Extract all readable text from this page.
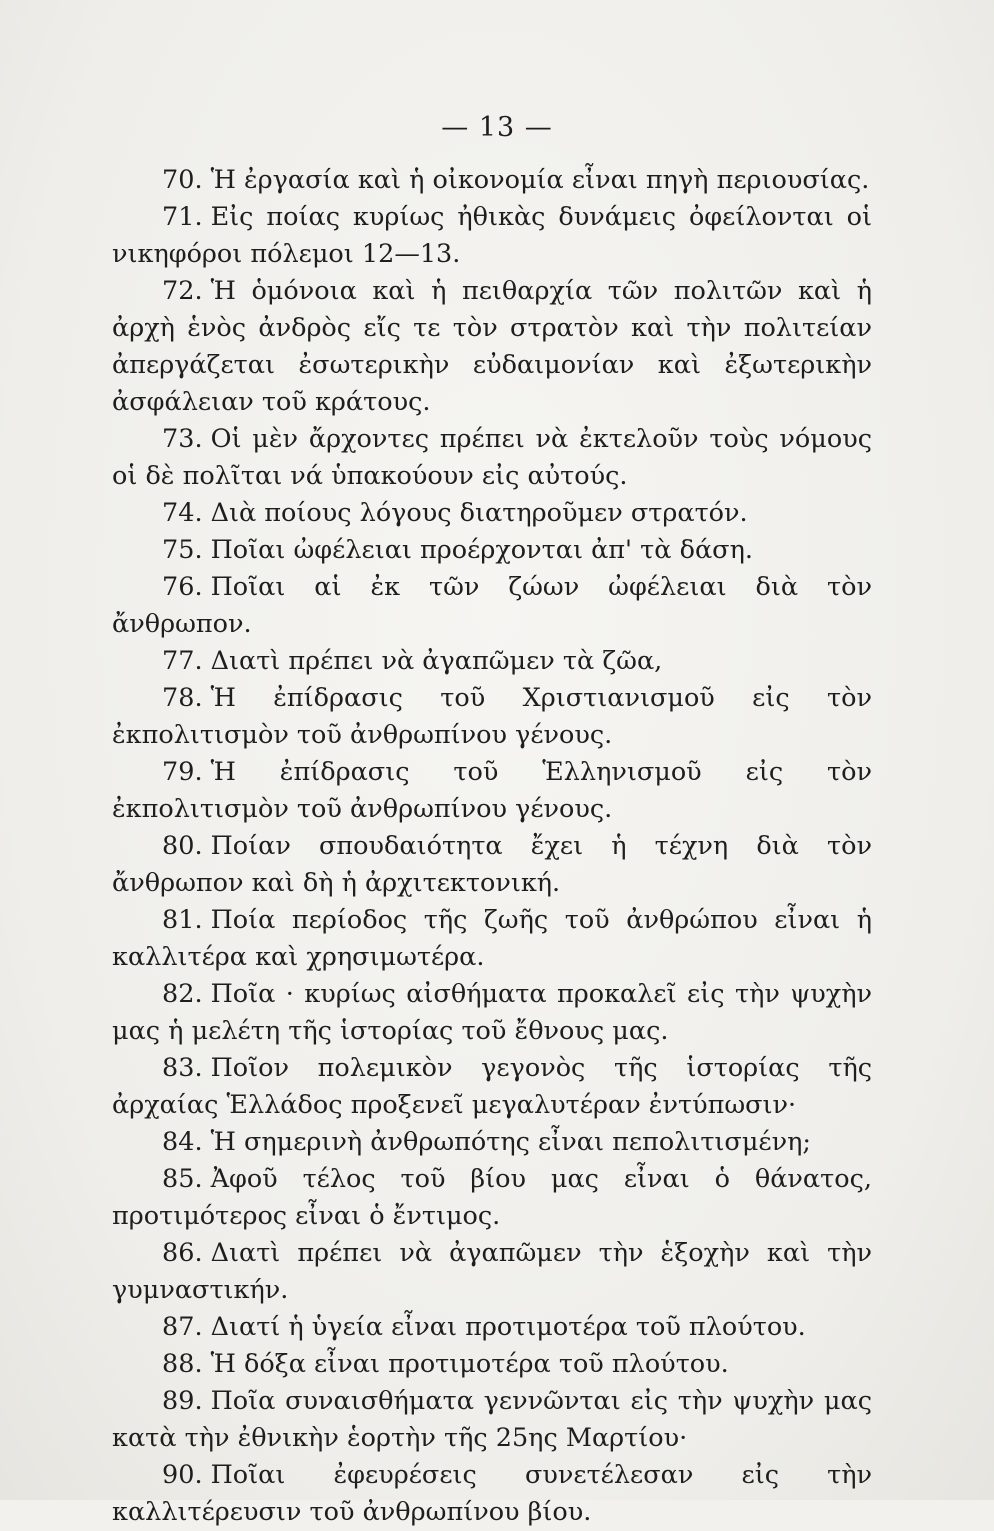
— 13 —

70. Ἡ ἐργασία καὶ ἡ οἰκονομία εἶναι πηγὴ περιουσίας.

71. Εἰς ποίας κυρίως ἠθικὰς δυνάμεις ὀφείλονται οἱ νικηφόροι πόλεμοι 12—13.

72. Ἡ ὁμόνοια καὶ ἡ πειθαρχία τῶν πολιτῶν καὶ ἡ ἀρχὴ ἑνὸς ἀνδρὸς εἴς τε τὸν στρατὸν καὶ τὴν πολιτείαν ἀπεργάζεται ἐσωτερικὴν εὐδαιμονίαν καὶ ἐξωτερικὴν ἀσφάλειαν τοῦ κράτους.

73. Οἱ μὲν ἄρχοντες πρέπει νὰ ἐκτελοῦν τοὺς νόμους οἱ δὲ πολῖται νά ὑπακούουν εἰς αὐτούς.

74. Διὰ ποίους λόγους διατηροῦμεν στρατόν.

75. Ποῖαι ὠφέλειαι προέρχονται ἀπ' τὰ δάση.

76. Ποῖαι αἱ ἐκ τῶν ζώων ὠφέλειαι διὰ τὸν ἄνθρωπον.

77. Διατὶ πρέπει νὰ ἀγαπῶμεν τὰ ζῶα,

78. Ἡ ἐπίδρασις τοῦ Χριστιανισμοῦ εἰς τὸν ἐκπολιτισμὸν τοῦ ἀνθρωπίνου γένους.

79. Ἡ ἐπίδρασις τοῦ Ἑλληνισμοῦ εἰς τὸν ἐκπολιτισμὸν τοῦ ἀνθρωπίνου γένους.

80. Ποίαν σπουδαιότητα ἔχει ἡ τέχνη διὰ τὸν ἄνθρωπον καὶ δὴ ἡ ἀρχιτεκτονική.

81. Ποία περίοδος τῆς ζωῆς τοῦ ἀνθρώπου εἶναι ἡ καλλιτέρα καὶ χρησιμωτέρα.

82. Ποῖα · κυρίως αἰσθήματα προκαλεῖ εἰς τὴν ψυχὴν μας ἡ μελέτη τῆς ἱστορίας τοῦ ἔθνους μας.

83. Ποῖον πολεμικὸν γεγονὸς τῆς ἱστορίας τῆς ἀρχαίας Ἑλλάδος προξενεῖ μεγαλυτέραν ἐντύπωσιν·

84. Ἡ σημερινὴ ἀνθρωπότης εἶναι πεπολιτισμένη;

85. Ἀφοῦ τέλος τοῦ βίου μας εἶναι ὁ θάνατος, προτιμότερος εἶναι ὁ ἔντιμος.

86. Διατὶ πρέπει νὰ ἀγαπῶμεν τὴν ἑξοχὴν καὶ τὴν γυμναστικήν.

87. Διατί ἡ ὑγεία εἶναι προτιμοτέρα τοῦ πλούτου.

88. Ἡ δόξα εἶναι προτιμοτέρα τοῦ πλούτου.

89. Ποῖα συναισθήματα γεννῶνται εἰς τὴν ψυχὴν μας κατὰ τὴν ἐθνικὴν ἑορτὴν τῆς 25ης Μαρτίου·

90. Ποῖαι ἐφευρέσεις συνετέλεσαν εἰς τὴν καλλιτέρευσιν τοῦ ἀνθρωπίνου βίου.
